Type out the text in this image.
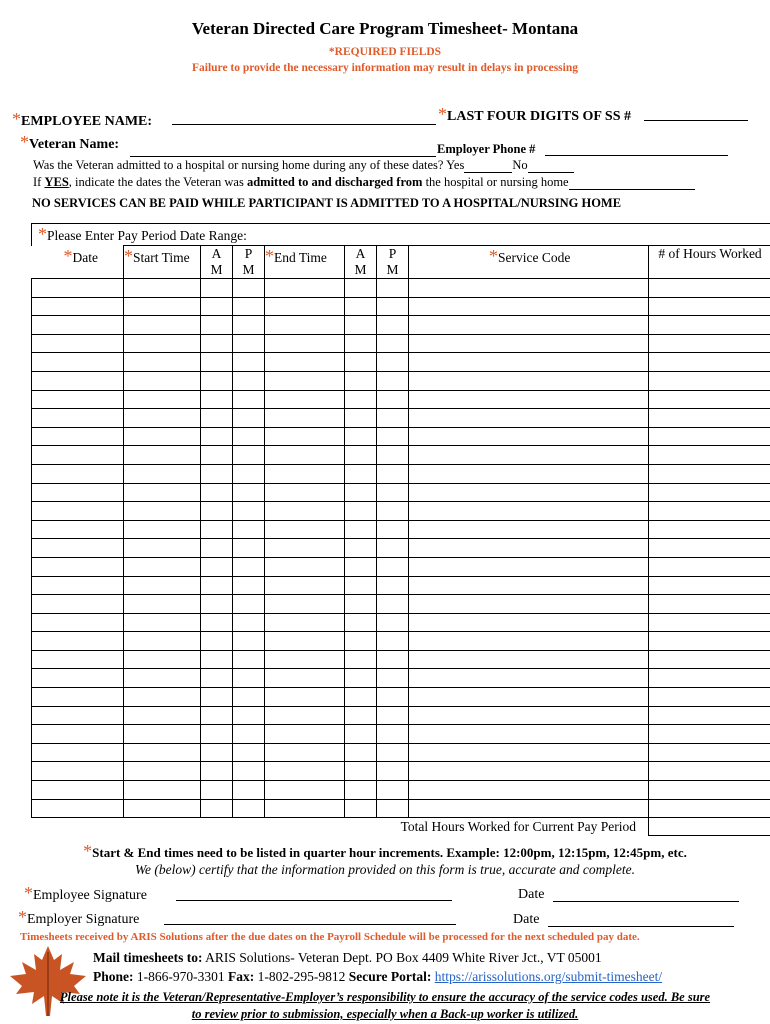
Veteran Directed Care Program Timesheet- Montana
*REQUIRED FIELDS
Failure to provide the necessary information may result in delays in processing
*EMPLOYEE NAME:	*LAST FOUR DIGITS OF SS #
*Veteran Name:	Employer Phone #
Was the Veteran admitted to a hospital or nursing home during any of these dates? Yes	No
If YES, indicate the dates the Veteran was admitted to and discharged from the hospital or nursing home
NO SERVICES CAN BE PAID WHILE PARTICIPANT IS ADMITTED TO A HOSPITAL/NURSING HOME
*Please Enter Pay Period Date Range:								
*Date	*Start Time	A M	P M	*End Time	A M	P M	*Service Code	# of Hours Worked

Total Hours Worked for Current Pay Period								
*Start & End times need to be listed in quarter hour increments. Example: 12:00pm, 12:15pm, 12:45pm, etc.
We (below) certify that the information provided on this form is true, accurate and complete.
*Employee Signature	Date
*Employer Signature	Date
Timesheets received by ARIS Solutions after the due dates on the Payroll Schedule will be processed for the next scheduled pay date.
Mail timesheets to: ARIS Solutions- Veteran Dept. PO Box 4409 White River Jct., VT 05001
Phone: 1-866-970-3301 Fax: 1-802-295-9812 Secure Portal: https://arissolutions.org/submit-timesheet/
Please note it is the Veteran/Representative-Employer’s responsibility to ensure the accuracy of the service codes used. Be sure
to review prior to submission, especially when a Back-up worker is utilized.
